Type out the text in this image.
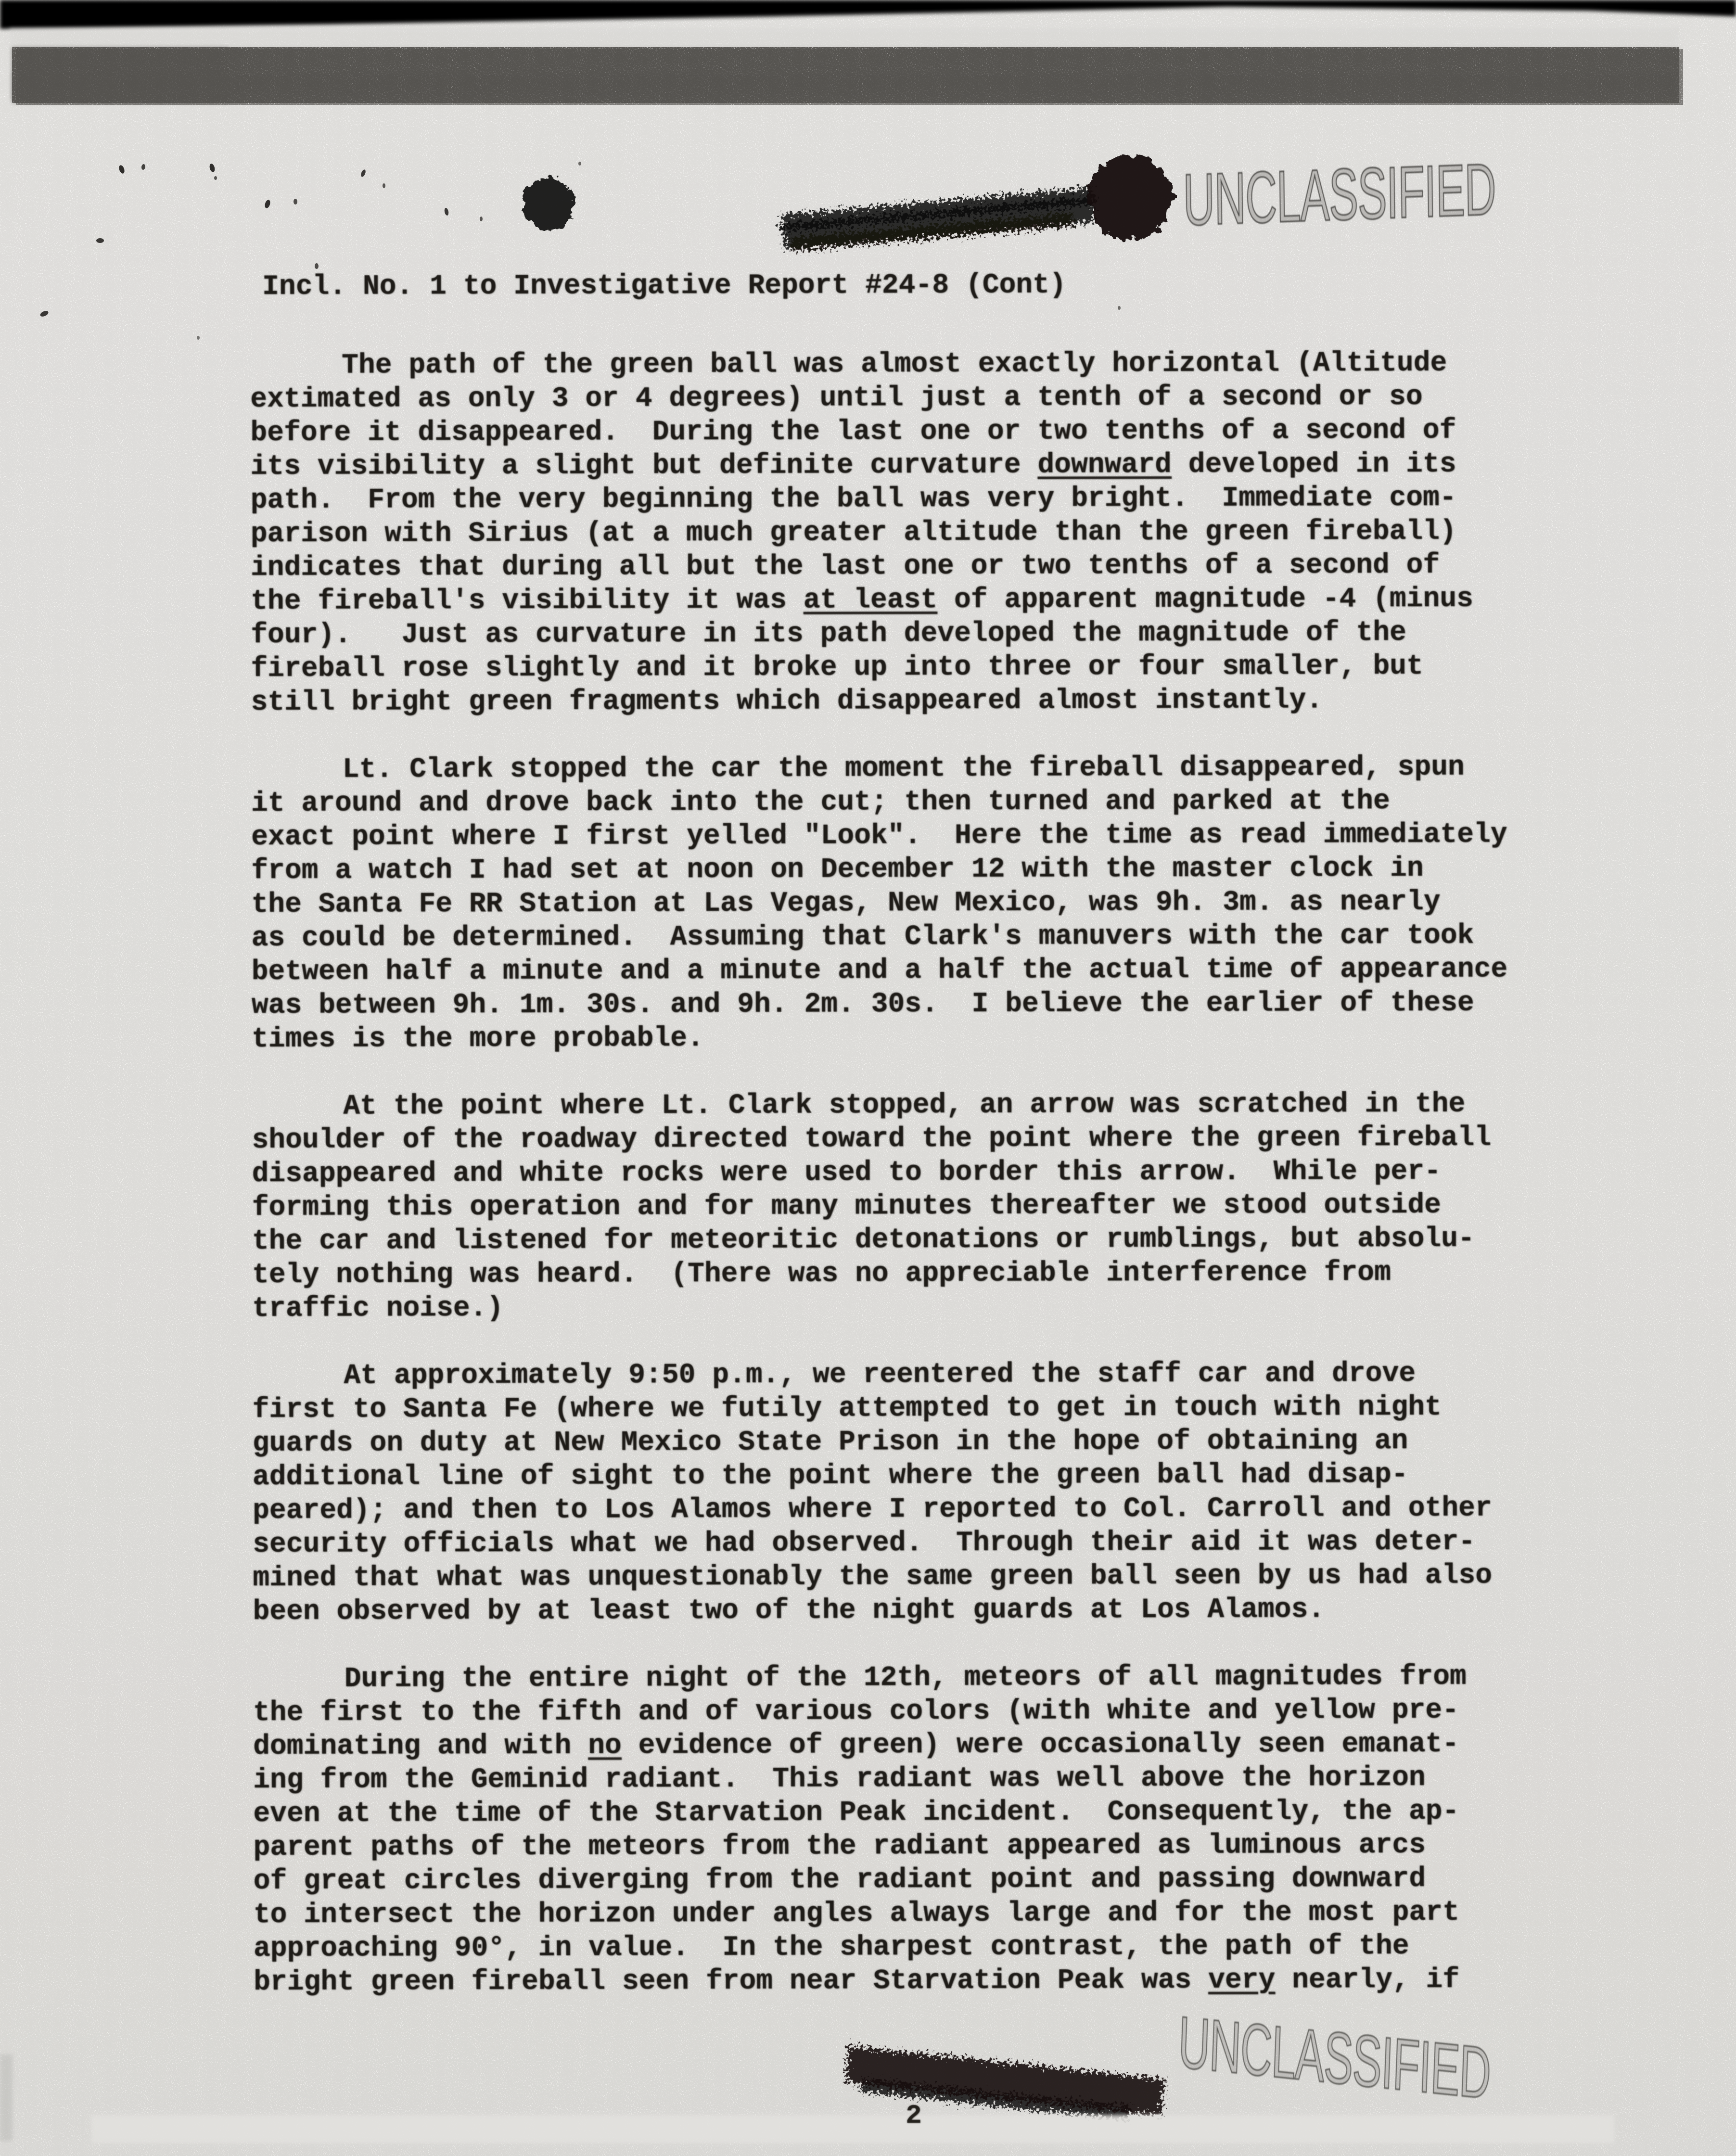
UNCLASSIFIED
UNCLASSIFIED
Incl. No. 1 to Investigative Report #24-8 (Cont)
The path of the green ball was almost exactly horizontal (Altitude
extimated as only 3 or 4 degrees) until just a tenth of a second or so
before it disappeared.  During the last one or two tenths of a second of
its visibility a slight but definite curvature downward developed in its
path.  From the very beginning the ball was very bright.  Immediate com-
parison with Sirius (at a much greater altitude than the green fireball)
indicates that during all but the last one or two tenths of a second of
the fireball's visibility it was at least of apparent magnitude -4 (minus
four).   Just as curvature in its path developed the magnitude of the
fireball rose slightly and it broke up into three or four smaller, but
still bright green fragments which disappeared almost instantly.
Lt. Clark stopped the car the moment the fireball disappeared, spun
it around and drove back into the cut; then turned and parked at the
exact point where I first yelled "Look".  Here the time as read immediately
from a watch I had set at noon on December 12 with the master clock in
the Santa Fe RR Station at Las Vegas, New Mexico, was 9h. 3m. as nearly
as could be determined.  Assuming that Clark's manuvers with the car took
between half a minute and a minute and a half the actual time of appearance
was between 9h. 1m. 30s. and 9h. 2m. 30s.  I believe the earlier of these
times is the more probable.
At the point where Lt. Clark stopped, an arrow was scratched in the
shoulder of the roadway directed toward the point where the green fireball
disappeared and white rocks were used to border this arrow.  While per-
forming this operation and for many minutes thereafter we stood outside
the car and listened for meteoritic detonations or rumblings, but absolu-
tely nothing was heard.  (There was no appreciable interference from
traffic noise.)
At approximately 9:50 p.m., we reentered the staff car and drove
first to Santa Fe (where we futily attempted to get in touch with night
guards on duty at New Mexico State Prison in the hope of obtaining an
additional line of sight to the point where the green ball had disap-
peared); and then to Los Alamos where I reported to Col. Carroll and other
security officials what we had observed.  Through their aid it was deter-
mined that what was unquestionably the same green ball seen by us had also
been observed by at least two of the night guards at Los Alamos.
During the entire night of the 12th, meteors of all magnitudes from
the first to the fifth and of various colors (with white and yellow pre-
dominating and with no evidence of green) were occasionally seen emanat-
ing from the Geminid radiant.  This radiant was well above the horizon
even at the time of the Starvation Peak incident.  Consequently, the ap-
parent paths of the meteors from the radiant appeared as luminous arcs
of great circles diverging from the radiant point and passing downward
to intersect the horizon under angles always large and for the most part
approaching 90°, in value.  In the sharpest contrast, the path of the
bright green fireball seen from near Starvation Peak was very nearly, if
2
